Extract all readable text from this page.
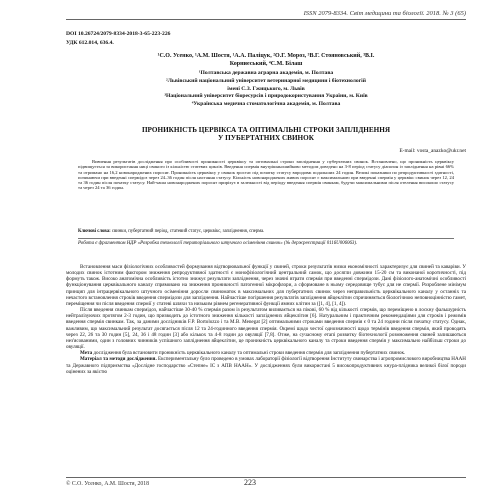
ISSN 2079-8334. Світ медицини та біології. 2018. № 3 (65)
DOI 10.26724/2079-8334-2018-3-65-223-226
УДК 612.014, 636.4.
¹С.О. Усенко, ¹А.М. Шостя, ¹А.А. Паліцук, ²О.Г. Мороз, ³В.Г. Стояновський, ³В.І.
Корниеський, ⁴С.М. Білаш
¹Полтавська державна аграрна академія, м. Полтава
²Львівський національний університет ветеринарної медицини і біотехнологій
імені С.З. Гжицького, м. Львів
³Національний університет біоресурсів і природокористування України, м. Київ
⁴Українська медична стоматологічна академія, м. Полтава
ПРОНИКНІСТЬ ЦЕРВІКСА ТА ОПТИМАЛЬНІ СТРОКИ ЗАПЛІДНЕННЯ
У ПУБЕРТАТНИХ СВИНОК
E-mail: vosta_anazko@ukr.net

Вивчення результатів дослідження про особливості проникності церквіксу та оптимальні строки запліднення у пубертатних свинок. Встановлено, що проникність церквіксу підвищується за використання ниці свиного із кількістю статевих циклів. Введення спермія внутрішньошийково методом доведено на 3-8 період статусу діапазон із запліднення на рівні 66% та отримано на 16,2 новонароджених поросят. Проникність церквіксу у свинок зростає під початку статусу впродовж подальших 24 годин. Великі показники по репродуктивності здатності, починаючи при введенні спермідоз через 24–36 годин після настання статусу. Кількість новонароджених живих поросят є максимальною при введенні спермія у церквікс свинок через 12, 24 та 36 годин після початку статусу. Най-чаша новонароджених поросят приріхує в залежності від періоду введення спермія свинкам, будучи максимальними після отелення високошо статусу та через 24 та 36 годин.

Ключові слова: свинки, пубертатний період, статевий статус, церквікс, запліднення, сперма.
Робота є фрагментом НДР «Розробка технології територіального штучного осіменіння свинок» (№ держреєстрації 0116U006063).

Встановлення маси фізіологічних особливостей формування відтворювальної функції у свиней, строки результатів низки економічності характеризує для свиней та каваріви. У молодих свинок істотним фактором зниження репродуктивної здатності є монофізіологічний центральний самок, що досягли довжини 15-20 см та виконаної коротичності, під формуть також. Високо анатомічна особливість істотно знижує результати запліднення, через значні втрати спермія при введенні спермідози. Дані фізіолого-анатомічні особливості функціонування церквікального каналу спрямовано на зниження проникності патогенної мікрофлори, а сформоване в ньому середовище тубус для не спермії. Розроблене мінімум принцип для інтрацервікального штучного осіменіння доросли свиноматок в максимальних для пубертатних свинок через неправильність церквікального каналу у останніх та нечастого встановлення строків введення спермідози для запліднення. Найчастіше погіршення результатів запліднення яйцеклітин спричиняється біологічною неповноцінністю гамет, переміщення чи після введення спермії у статеві шляхи та низьким рівнем регенеративної функції ямних клітин за ([1, 4], [1, 4]).

Після введення свинкам спермідоз, найчастіше 30-40 % спермія разом із результатом виливається на пікові, 60 % від кількості спермів, що переміщено в лоскну фальшурність нейтралізуючих протягом 2-3 годин, що призводить до істотного зниження кількості запліднених яйцеклітин [6]. Натуральним і практичним рекомендаціями для строків і режимів введення спермія свинкам. Так, за даними дослідників F.P. Bortolozzo і та M.B. Menegat [2] оптимальними строками введення спермія є 0 та 24 години після початку статусу. Однак, важливим, що максимальний результат досягається після 12 та 24-годинного введення спермія. Окремі щодо честої однозначності щодо термінів введення спермія, який проводять через 22, 26 та 30 годин [5], 24, 36 і 48 годин [3] або кількох та 4-8 годин до овуляції [7,8]. Отже, на сучасному етапі розвитку біотехнології розмноження свиней залишаються нез'ясованими, один з головних чинників успішного запліднення яйцеклітин, це проникність церквікального каналу та строки введення спермія у максимально найбільш строки до овуляції.

Мета дослідження була встановити проникність церквікального каналу та оптимальні строки введення спермія для запліднення пубертатних свинок.

Матеріал та методи дослідження. Експериментальну було проведено в умовах лабораторії фізіології відтворення Інституту свинарства і агропромислового виробництва НААН та Державного підприємства «Дослідне господарство «Степне» ІС з АПВ НААН». У дослідженнях були використані 5 високопродуктивних кнура-плідника великої білої породи оцінених за якістю

© С.О. Усенко, А.М. Шостя, 2018	223
